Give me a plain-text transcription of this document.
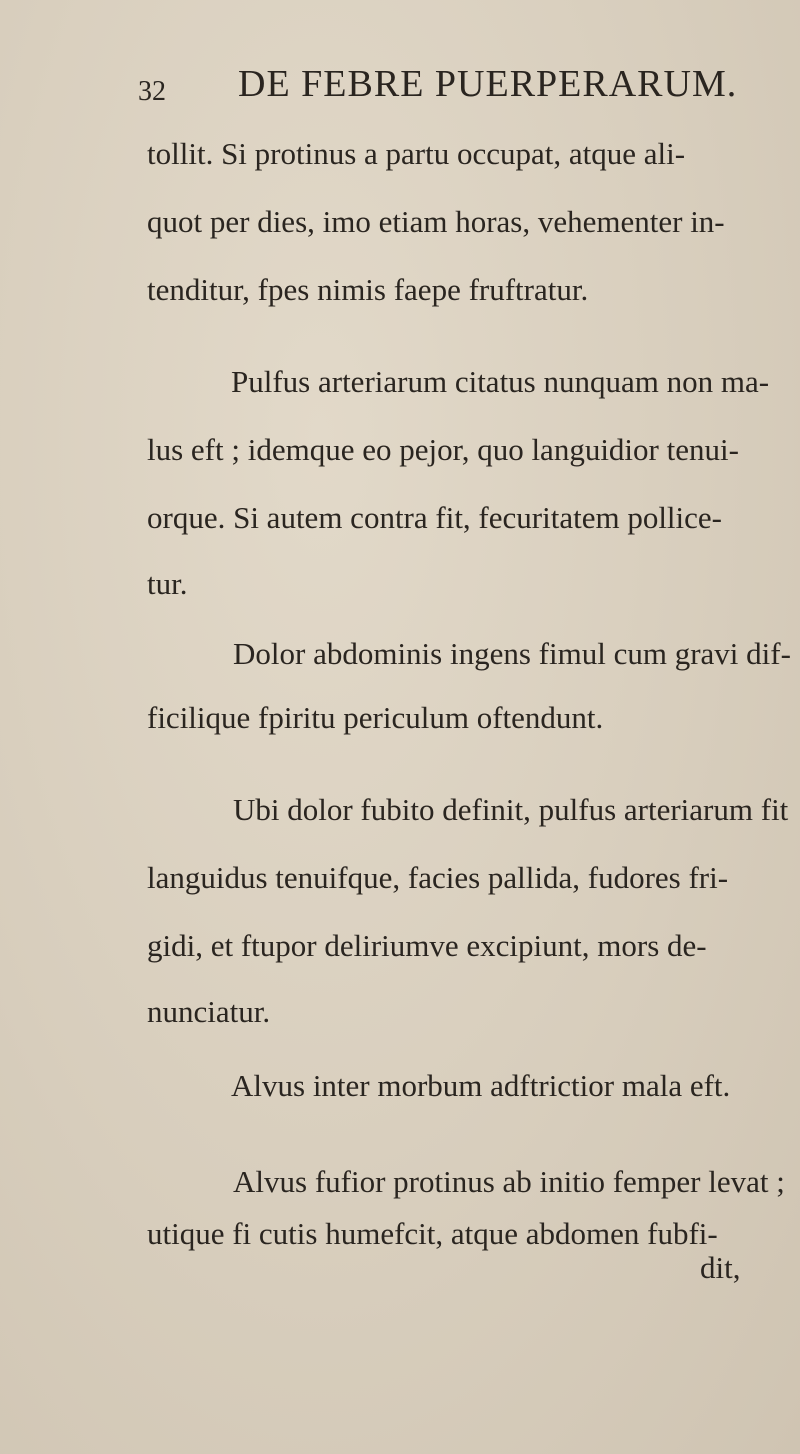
32 DE FEBRE PUERPERARUM.
tollit. Si protinus a partu occupat, atque ali-
quot per dies, imo etiam horas, vehementer in-
tenditur, fpes nimis faepe fruftratur.
Pulfus arteriarum citatus nunquam non ma-
lus eft ; idemque eo pejor, quo languidior tenui-
orque. Si autem contra fit, fecuritatem pollice-
tur.
Dolor abdominis ingens fimul cum gravi dif-
ficilique fpiritu periculum oftendunt.
Ubi dolor fubito definit, pulfus arteriarum fit
languidus tenuifque, facies pallida, fudores fri-
gidi, et ftupor deliriumve excipiunt, mors de-
nunciatur.
Alvus inter morbum adftrictior mala eft.
Alvus fufior protinus ab initio femper levat ;
utique fi cutis humefcit, atque abdomen fubfi-
dit,
